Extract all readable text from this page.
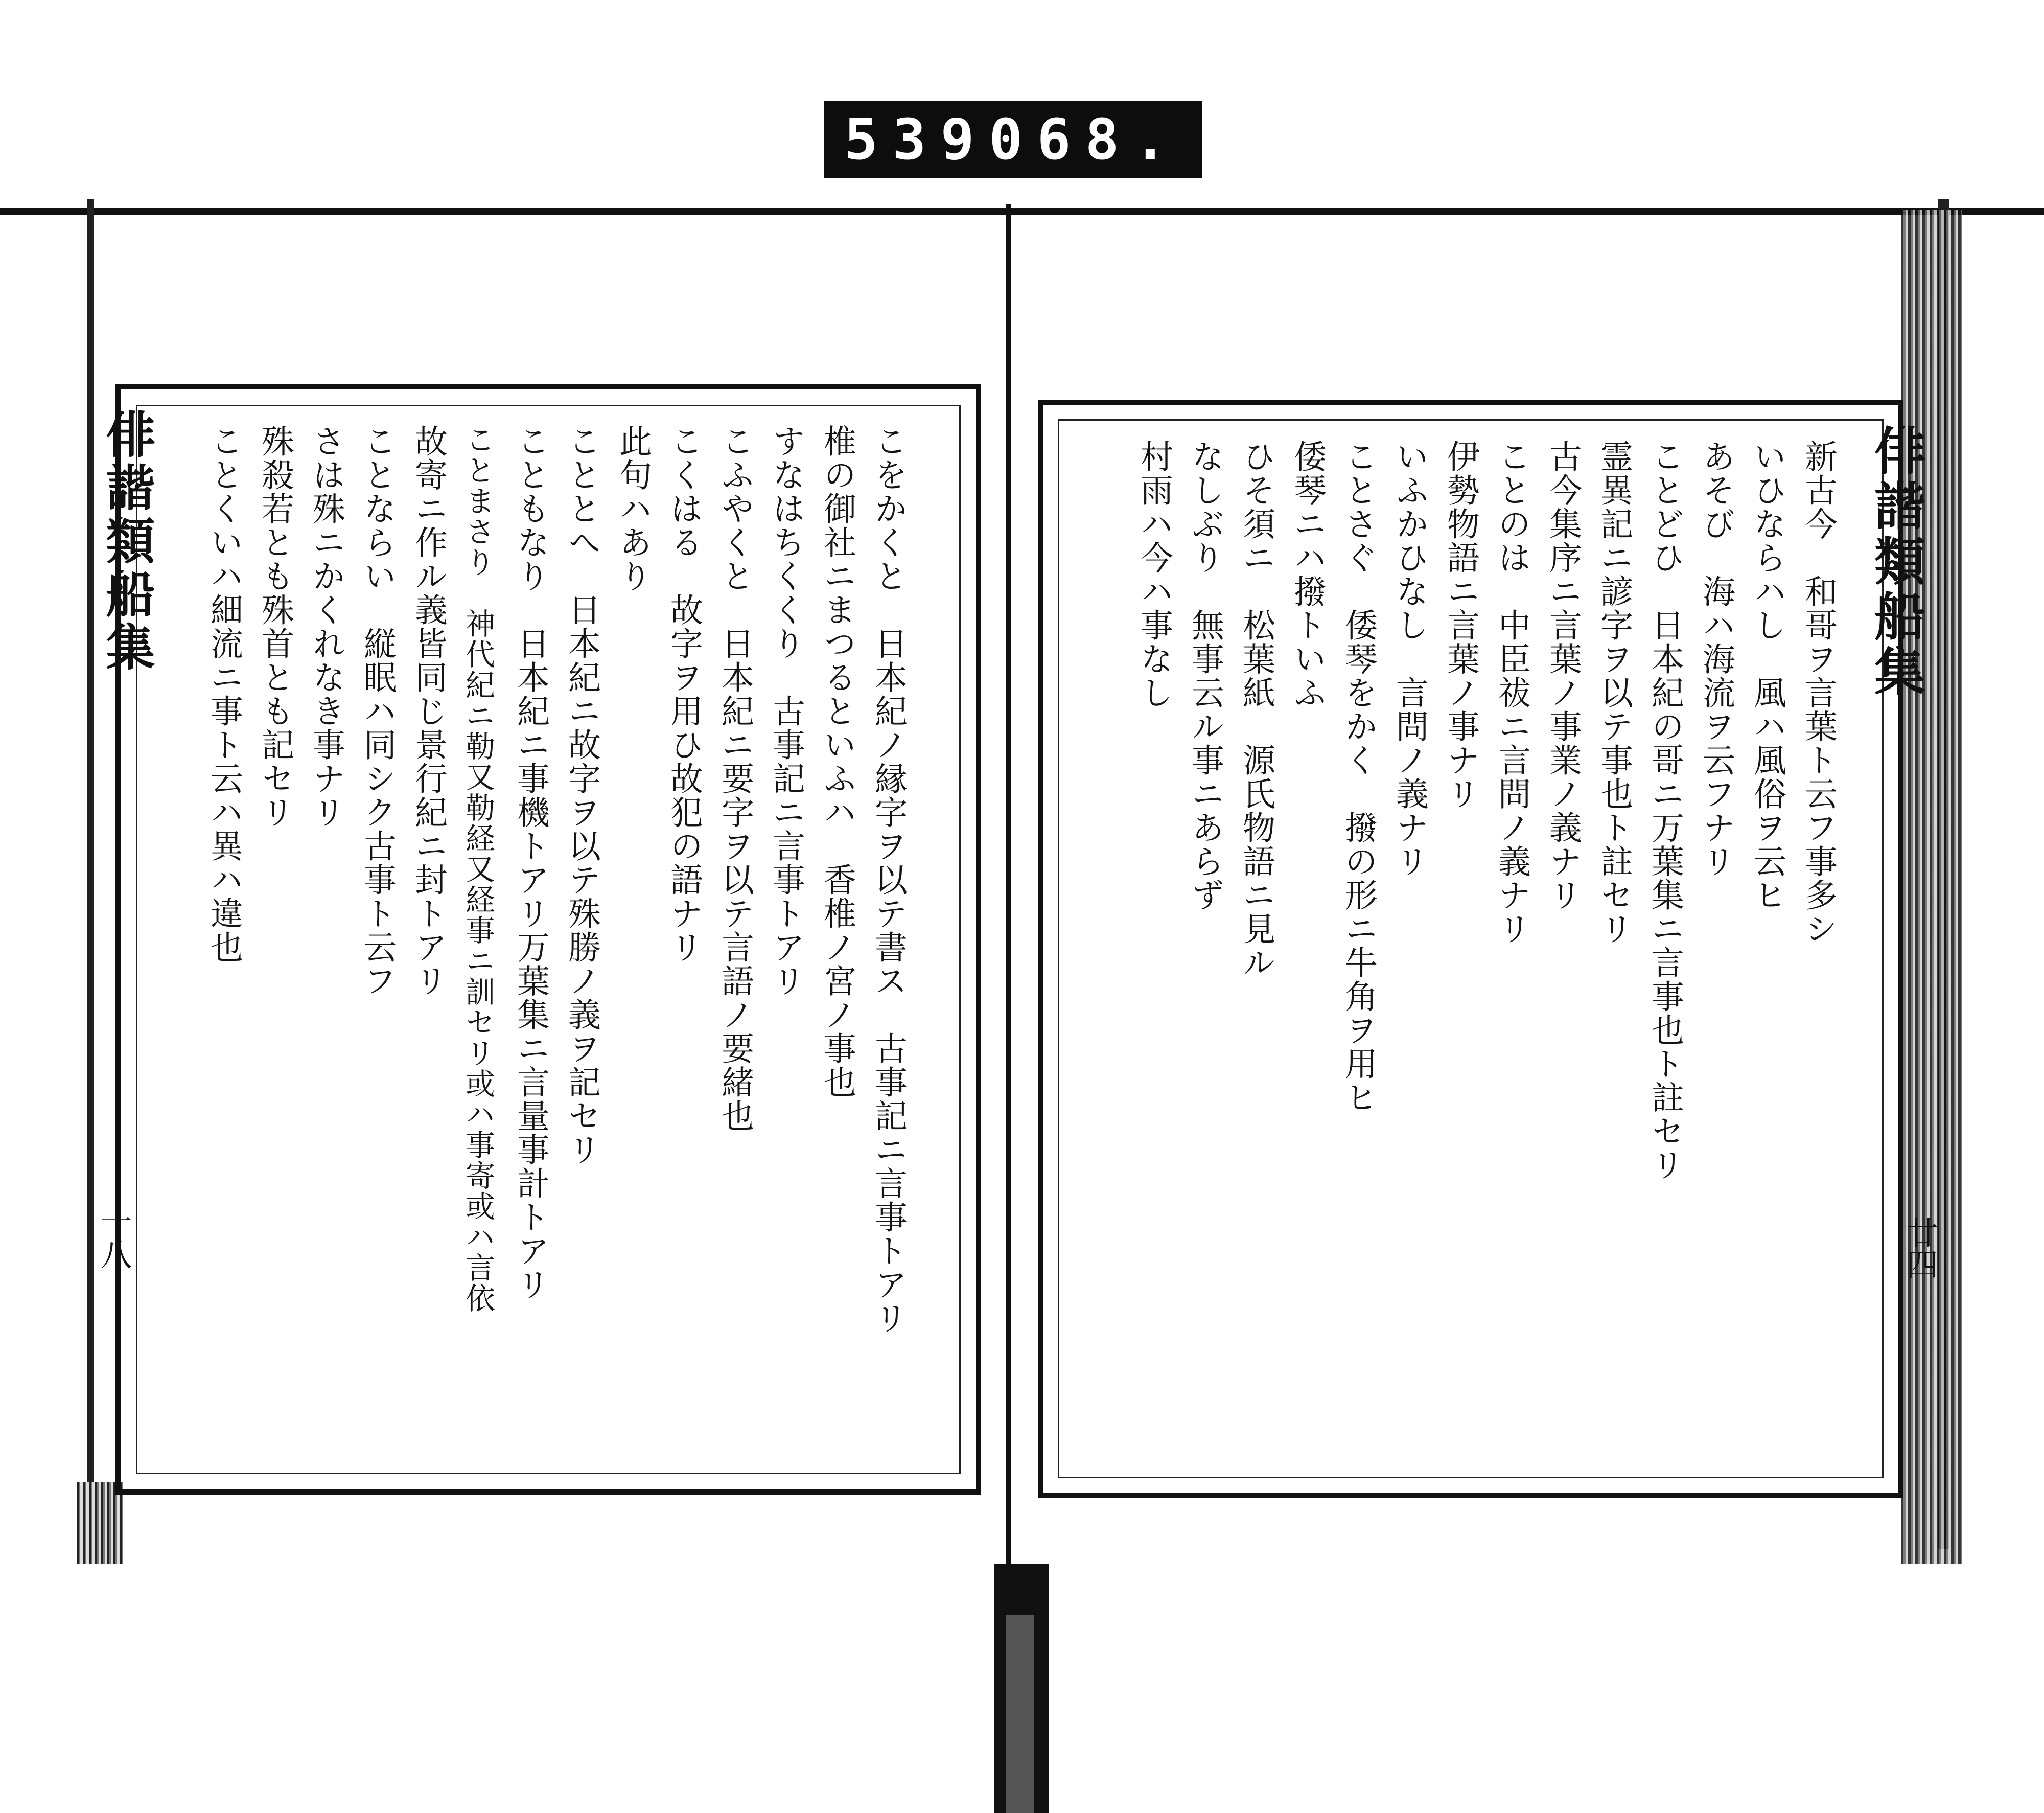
539 068.
俳諧類船集	俳諧類船集
十八	廿四
こをかくと　日本紀ノ縁字ヲ以テ書ス　古事記ニ言事トアリ
椎の御社ニまつるといふハ　香椎ノ宮ノ事也
すなはちくくり　古事記ニ言事トアリ
こふやくと　日本紀ニ要字ヲ以テ言語ノ要緒也
こくはる　故字ヲ用ひ故犯の語ナリ
此句ハあり
こととへ　日本紀ニ故字ヲ以テ殊勝ノ義ヲ記セリ
こともなり　日本紀ニ事機トアリ万葉集ニ言量事計トアリ
ことまさり　神代紀ニ勒又勒経又経事ニ訓セリ或ハ事寄或ハ言依
故寄ニ作ル義皆同じ景行紀ニ封トアリ
ことならい　縦眠ハ同シク古事ト云フ
さは殊ニかくれなき事ナリ
殊殺若とも殊首とも記セリ
ことくいハ細流ニ事ト云ハ異ハ違也	新古今　和哥ヲ言葉ト云フ事多シ
いひならハし　風ハ風俗ヲ云ヒ
あそび　海ハ海流ヲ云フナリ
ことどひ　日本紀の哥ニ万葉集ニ言事也ト註セリ
霊異記ニ諺字ヲ以テ事也ト註セリ
古今集序ニ言葉ノ事業ノ義ナリ
ことのは　中臣祓ニ言問ノ義ナリ
伊勢物語ニ言葉ノ事ナリ
いふかひなし　言問ノ義ナリ
ことさぐ　倭琴をかく　撥の形ニ牛角ヲ用ヒ
倭琴ニハ撥トいふ
ひそ須ニ　松葉紙　源氏物語ニ見ル
なしぶり　無事云ル事ニあらず
村雨ハ今ハ事なし
